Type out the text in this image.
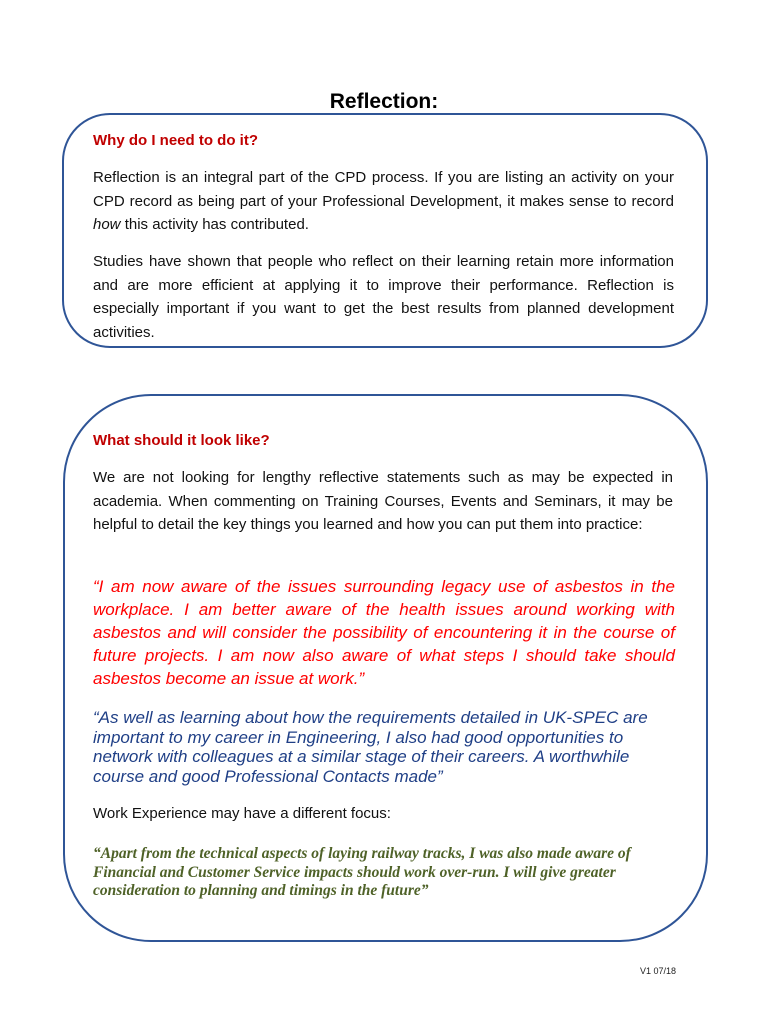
Reflection:
Why do I need to do it?
Reflection is an integral part of the CPD process. If you are listing an activity on your CPD record as being part of your Professional Development, it makes sense to record how this activity has contributed.
Studies have shown that people who reflect on their learning retain more information and are more efficient at applying it to improve their performance. Reflection is especially important if you want to get the best results from planned development activities.
What should it look like?
We are not looking for lengthy reflective statements such as may be expected in academia. When commenting on Training Courses, Events and Seminars, it may be helpful to detail the key things you learned and how you can put them into practice:
“I am now aware of the issues surrounding legacy use of asbestos in the workplace. I am better aware of the health issues around working with asbestos and will consider the possibility of encountering it in the course of future projects. I am now also aware of what steps I should take should asbestos become an issue at work.”
“As well as learning about how the requirements detailed in UK-SPEC are important to my career in Engineering, I also had good opportunities to network with colleagues at a similar stage of their careers. A worthwhile course and good Professional Contacts made”
Work Experience may have a different focus:
“Apart from the technical aspects of laying railway tracks, I was also made aware of Financial and Customer Service impacts should work over-run. I will give greater consideration to planning and timings in the future”
V1 07/18
